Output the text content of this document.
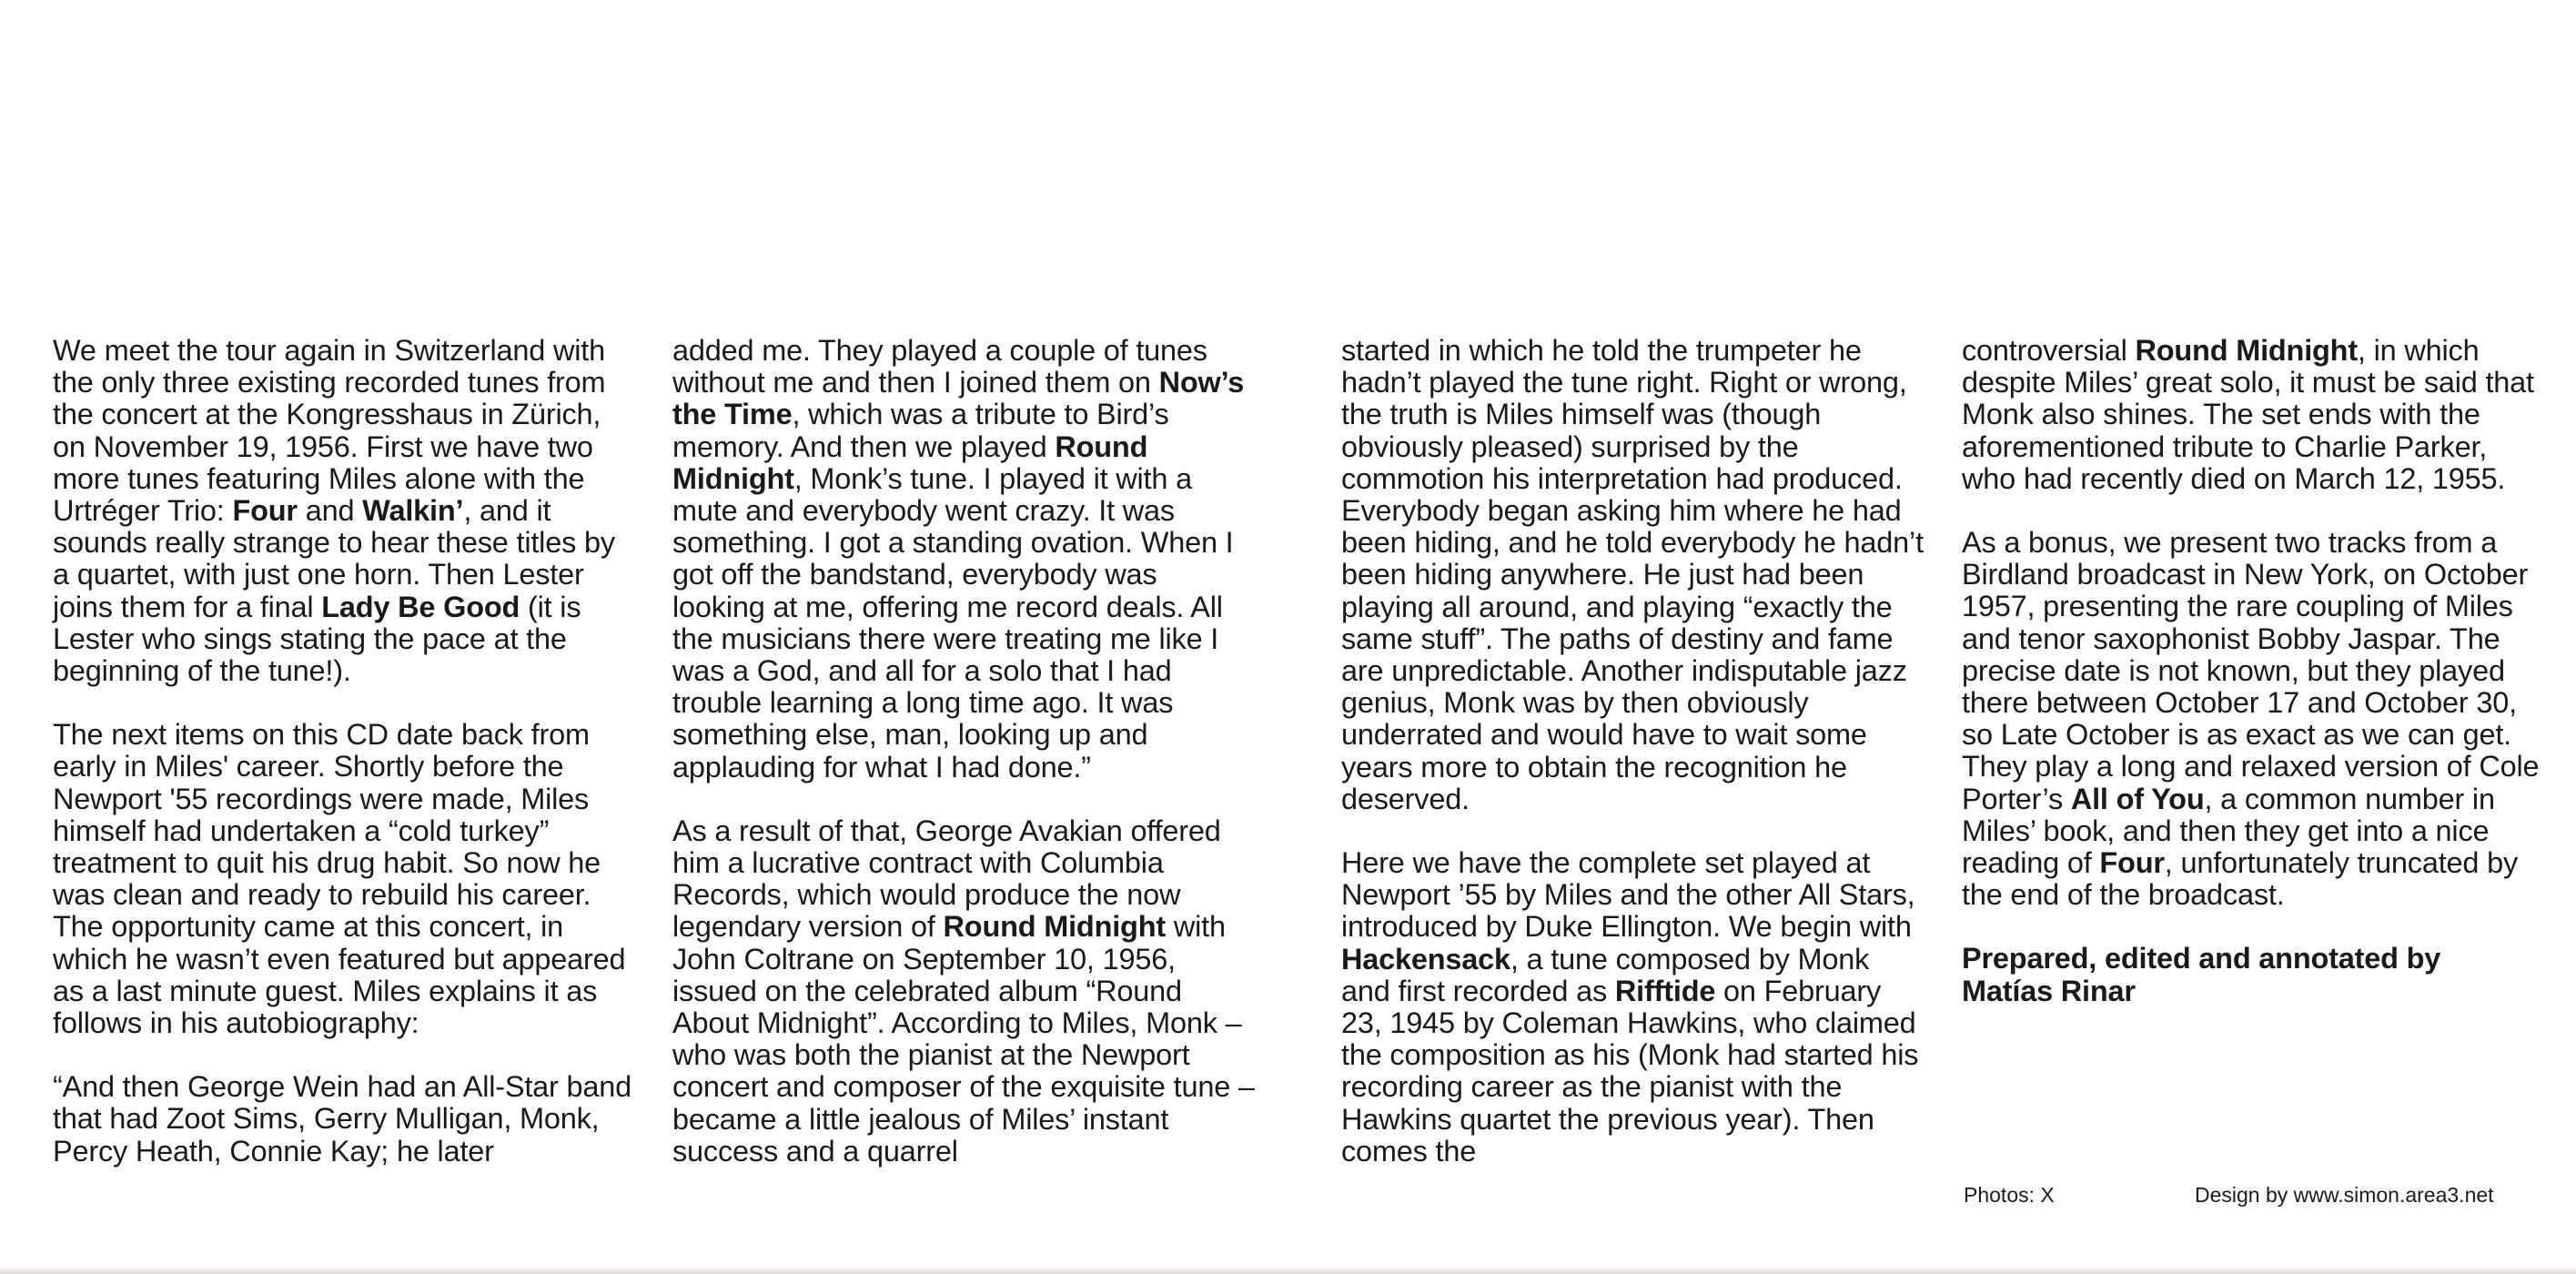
We meet the tour again in Switzerland with the only three existing recorded tunes from the concert at the Kongresshaus in Zürich, on November 19, 1956. First we have two more tunes featuring Miles alone with the Urtréger Trio: Four and Walkin’, and it sounds really strange to hear these titles by a quartet, with just one horn. Then Lester joins them for a final Lady Be Good (it is Lester who sings stating the pace at the beginning of the tune!).

The next items on this CD date back from early in Miles' career. Shortly before the Newport '55 recordings were made, Miles himself had undertaken a “cold turkey” treatment to quit his drug habit. So now he was clean and ready to rebuild his career. The opportunity came at this concert, in which he wasn’t even featured but appeared as a last minute guest. Miles explains it as follows in his autobiography:

“And then George Wein had an All-Star band that had Zoot Sims, Gerry Mulligan, Monk, Percy Heath, Connie Kay; he later

added me. They played a couple of tunes without me and then I joined them on Now’s the Time, which was a tribute to Bird’s memory. And then we played Round Midnight, Monk’s tune. I played it with a mute and everybody went crazy. It was something. I got a standing ovation. When I got off the bandstand, everybody was looking at me, offering me record deals. All the musicians there were treating me like I was a God, and all for a solo that I had trouble learning a long time ago. It was something else, man, looking up and applauding for what I had done.”

As a result of that, George Avakian offered him a lucrative contract with Columbia Records, which would produce the now legendary version of Round Midnight with John Coltrane on September 10, 1956, issued on the celebrated album “Round About Midnight”. According to Miles, Monk – who was both the pianist at the Newport concert and composer of the exquisite tune – became a little jealous of Miles’ instant success and a quarrel

started in which he told the trumpeter he hadn’t played the tune right. Right or wrong, the truth is Miles himself was (though obviously pleased) surprised by the commotion his interpretation had produced. Everybody began asking him where he had been hiding, and he told everybody he hadn’t been hiding anywhere. He just had been playing all around, and playing “exactly the same stuff”. The paths of destiny and fame are unpredictable. Another indisputable jazz genius, Monk was by then obviously underrated and would have to wait some years more to obtain the recognition he deserved.

Here we have the complete set played at Newport ’55 by Miles and the other All Stars, introduced by Duke Ellington. We begin with Hackensack, a tune composed by Monk and first recorded as Rifftide on February 23, 1945 by Coleman Hawkins, who claimed the composition as his (Monk had started his recording career as the pianist with the Hawkins quartet the previous year). Then comes the

controversial Round Midnight, in which despite Miles’ great solo, it must be said that Monk also shines. The set ends with the aforementioned tribute to Charlie Parker, who had recently died on March 12, 1955.

As a bonus, we present two tracks from a Birdland broadcast in New York, on October 1957, presenting the rare coupling of Miles and tenor saxophonist Bobby Jaspar. The precise date is not known, but they played there between October 17 and October 30, so Late October is as exact as we can get. They play a long and relaxed version of Cole Porter’s All of You, a common number in Miles’ book, and then they get into a nice reading of Four, unfortunately truncated by the end of the broadcast.

Prepared, edited and annotated by
Matías Rinar

Photos: X	Design by www.simon.area3.net
